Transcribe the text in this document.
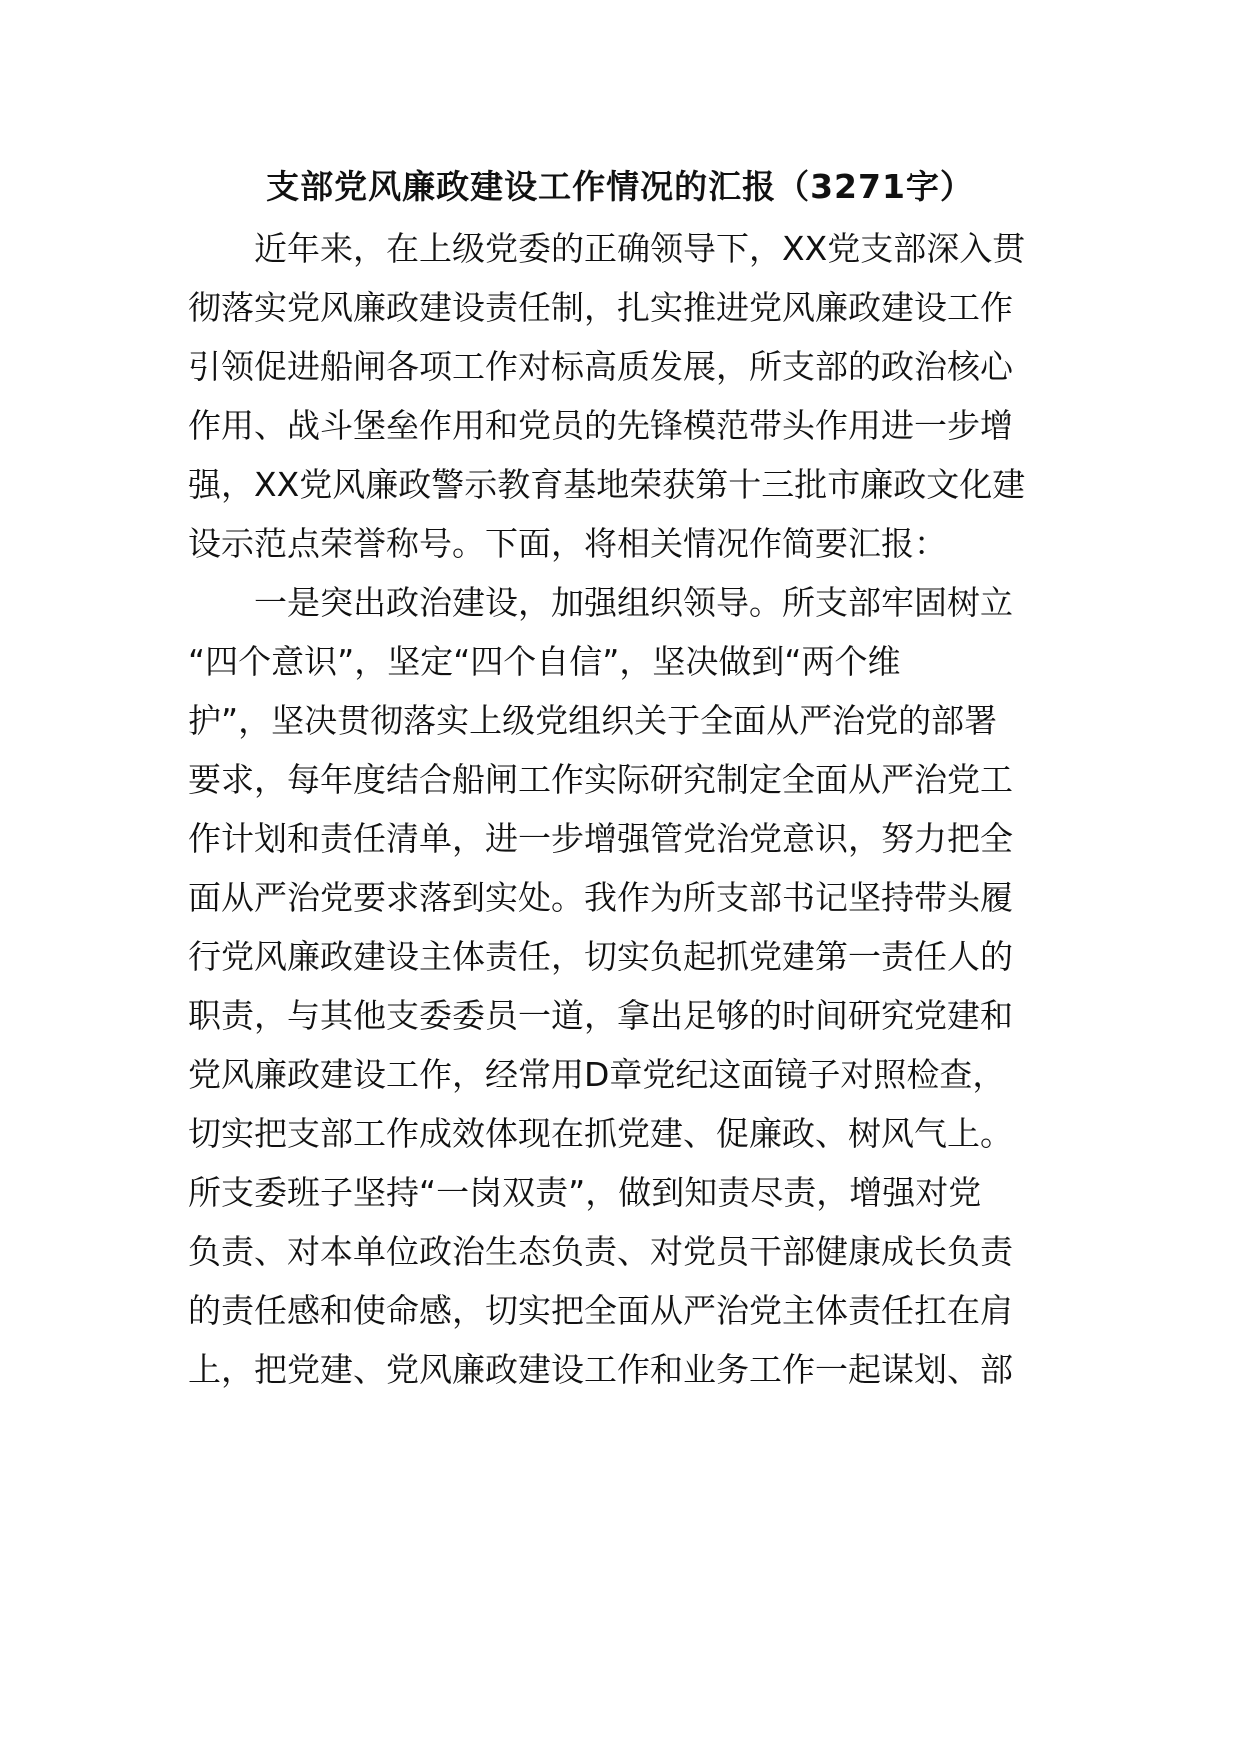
支部党风廉政建设工作情况的汇报（3271字）
　　近年来，在上级党委的正确领导下，XX党支部深入贯
彻落实党风廉政建设责任制，扎实推进党风廉政建设工作
引领促进船闸各项工作对标高质发展，所支部的政治核心
作用、战斗堡垒作用和党员的先锋模范带头作用进一步增
强，XX党风廉政警示教育基地荣获第十三批市廉政文化建
设示范点荣誉称号。下面，将相关情况作简要汇报：
　　一是突出政治建设，加强组织领导。所支部牢固树立
“四个意识”，坚定“四个自信”，坚决做到“两个维
护”，坚决贯彻落实上级党组织关于全面从严治党的部署
要求，每年度结合船闸工作实际研究制定全面从严治党工
作计划和责任清单，进一步增强管党治党意识，努力把全
面从严治党要求落到实处。我作为所支部书记坚持带头履
行党风廉政建设主体责任，切实负起抓党建第一责任人的
职责，与其他支委委员一道，拿出足够的时间研究党建和
党风廉政建设工作，经常用D章党纪这面镜子对照检查，
切实把支部工作成效体现在抓党建、促廉政、树风气上。
所支委班子坚持“一岗双责”，做到知责尽责，增强对党
负责、对本单位政治生态负责、对党员干部健康成长负责
的责任感和使命感，切实把全面从严治党主体责任扛在肩
上，把党建、党风廉政建设工作和业务工作一起谋划、部
